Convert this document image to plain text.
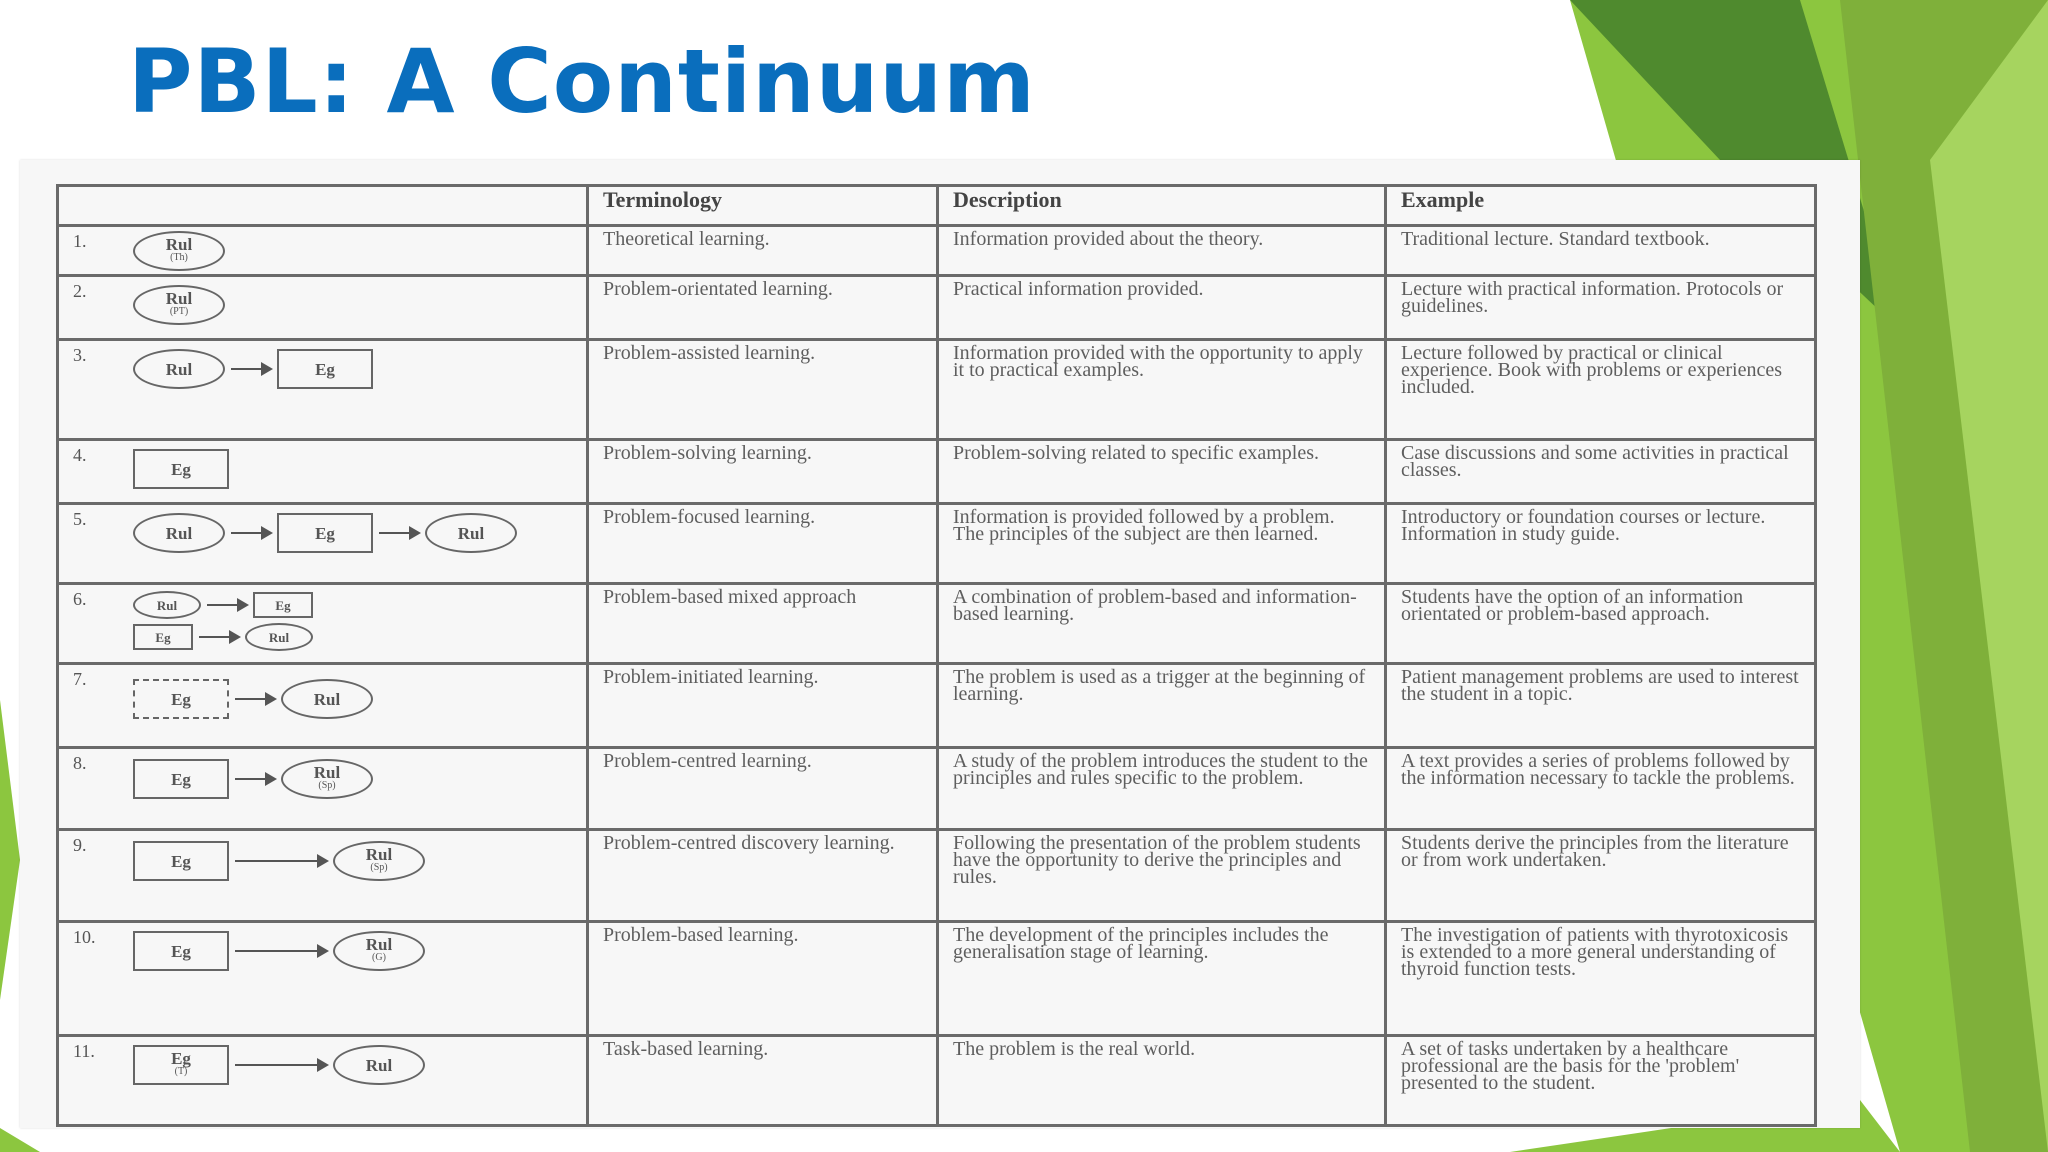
PBL: A Continuum
	Terminology	Description	Example

1. Rul
(Th)	Theoretical learning.	Information provided about the theory.	Traditional lecture. Standard textbook.

2. Rul
(PT)	Problem-orientated learning.	Practical information provided.	Lecture with practical information. Protocols or guidelines.

3.
Rul Eg	Problem-assisted learning.	Information provided with the opportunity to apply it to practical examples.	Lecture followed by practical or clinical experience. Book with problems or experiences included.

4.
Eg	Problem-solving learning.	Problem-solving related to specific examples.	Case discussions and some activities in practical classes.

5.
Rul Eg Rul	Problem-focused learning.	Information is provided followed by a problem. The principles of the subject are then learned.	Introductory or foundation courses or lecture. Information in study guide.

6. Rul Eg
Eg Rul	Problem-based mixed approach	A combination of problem-based and information-based learning.	Students have the option of an information orientated or problem-based approach.

7.
Eg Rul	Problem-initiated learning.	The problem is used as a trigger at the beginning of learning.	Patient management problems are used to interest the student in a topic.

8.
Eg Rul
(Sp)	Problem-centred learning.	A study of the problem introduces the student to the principles and rules specific to the problem.	A text provides a series of problems followed by the information necessary to tackle the problems.

9.
Eg Rul
(Sp)	Problem-centred discovery learning.	Following the presentation of the problem students have the opportunity to derive the principles and rules.	Students derive the principles from the literature or from work undertaken.

10.
Eg Rul
(G)	Problem-based learning.	The development of the principles includes the generalisation stage of learning.	The investigation of patients with thyrotoxicosis is extended to a more general understanding of thyroid function tests.

11. Eg
(T) Rul	Task-based learning.	The problem is the real world.	A set of tasks undertaken by a healthcare professional are the basis for the 'problem' presented to the student.
